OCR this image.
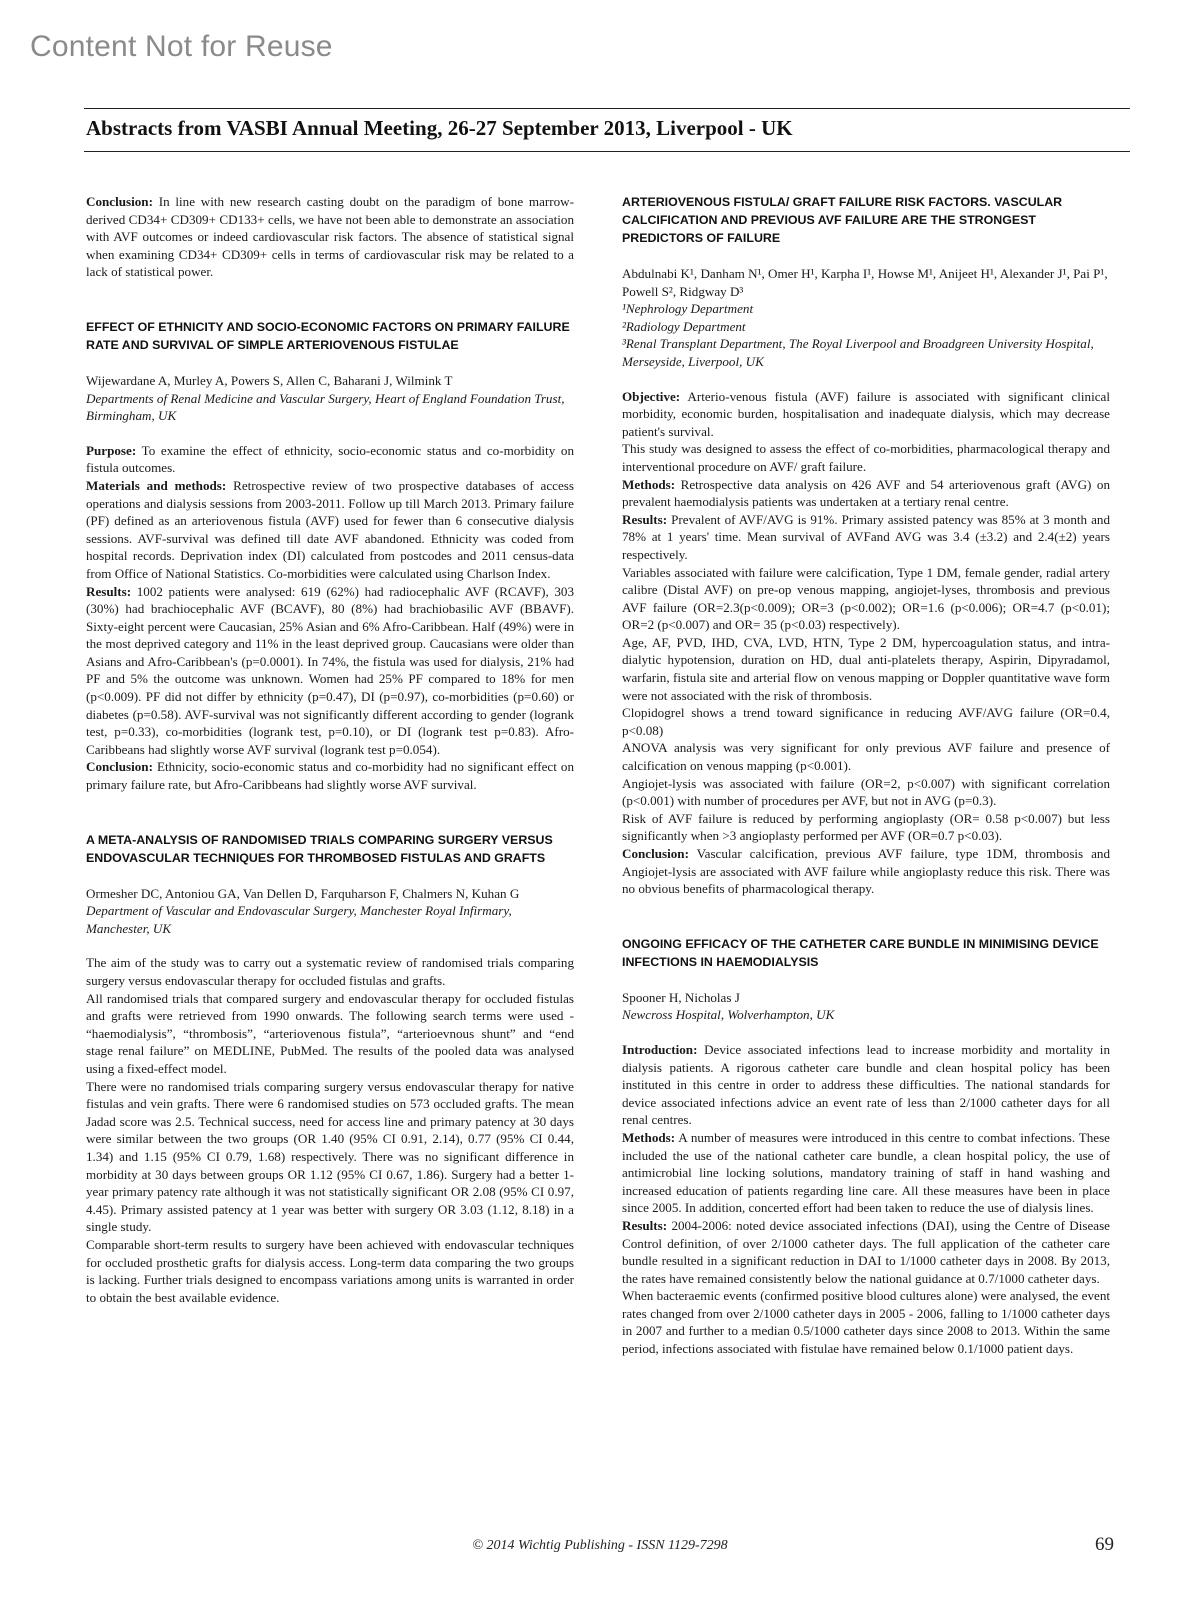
Content Not for Reuse
Abstracts from VASBI Annual Meeting, 26-27 September 2013, Liverpool - UK

Conclusion: In line with new research casting doubt on the paradigm of bone marrow-derived CD34+ CD309+ CD133+ cells, we have not been able to demonstrate an association with AVF outcomes or indeed cardiovascular risk factors. The absence of statistical signal when examining CD34+ CD309+ cells in terms of cardiovascular risk may be related to a lack of statistical power.

EFFECT OF ETHNICITY AND SOCIO-ECONOMIC FACTORS ON PRIMARY FAILURE RATE AND SURVIVAL OF SIMPLE ARTERIOVENOUS FISTULAE

Wijewardane A, Murley A, Powers S, Allen C, Baharani J, Wilmink T

Departments of Renal Medicine and Vascular Surgery, Heart of England Foundation Trust, Birmingham, UK

Purpose: To examine the effect of ethnicity, socio-economic status and co-morbidity on fistula outcomes.

Materials and methods: Retrospective review of two prospective databases of access operations and dialysis sessions from 2003-2011. Follow up till March 2013. Primary failure (PF) defined as an arteriovenous fistula (AVF) used for fewer than 6 consecutive dialysis sessions. AVF-survival was defined till date AVF abandoned. Ethnicity was coded from hospital records. Deprivation index (DI) calculated from postcodes and 2011 census-data from Office of National Statistics. Co-morbidities were calculated using Charlson Index.

Results: 1002 patients were analysed: 619 (62%) had radiocephalic AVF (RCAVF), 303 (30%) had brachiocephalic AVF (BCAVF), 80 (8%) had brachiobasilic AVF (BBAVF). Sixty-eight percent were Caucasian, 25% Asian and 6% Afro-Caribbean. Half (49%) were in the most deprived category and 11% in the least deprived group. Caucasians were older than Asians and Afro-Caribbean's (p=0.0001). In 74%, the fistula was used for dialysis, 21% had PF and 5% the outcome was unknown. Women had 25% PF compared to 18% for men (p<0.009). PF did not differ by ethnicity (p=0.47), DI (p=0.97), co-morbidities (p=0.60) or diabetes (p=0.58). AVF-survival was not significantly different according to gender (logrank test, p=0.33), co-morbidities (logrank test, p=0.10), or DI (logrank test p=0.83). Afro-Caribbeans had slightly worse AVF survival (logrank test p=0.054).

Conclusion: Ethnicity, socio-economic status and co-morbidity had no significant effect on primary failure rate, but Afro-Caribbeans had slightly worse AVF survival.

A META-ANALYSIS OF RANDOMISED TRIALS COMPARING SURGERY VERSUS ENDOVASCULAR TECHNIQUES FOR THROMBOSED FISTULAS AND GRAFTS

Ormesher DC, Antoniou GA, Van Dellen D, Farquharson F, Chalmers N, Kuhan G

Department of Vascular and Endovascular Surgery, Manchester Royal Infirmary, Manchester, UK

The aim of the study was to carry out a systematic review of randomised trials comparing surgery versus endovascular therapy for occluded fistulas and grafts.

All randomised trials that compared surgery and endovascular therapy for occluded fistulas and grafts were retrieved from 1990 onwards. The following search terms were used - “haemodialysis”, “thrombosis”, “arteriovenous fistula”, “arterioevnous shunt” and “end stage renal failure” on MEDLINE, PubMed. The results of the pooled data was analysed using a fixed-effect model.

There were no randomised trials comparing surgery versus endovascular therapy for native fistulas and vein grafts. There were 6 randomised studies on 573 occluded grafts. The mean Jadad score was 2.5. Technical success, need for access line and primary patency at 30 days were similar between the two groups (OR 1.40 (95% CI 0.91, 2.14), 0.77 (95% CI 0.44, 1.34) and 1.15 (95% CI 0.79, 1.68) respectively. There was no significant difference in morbidity at 30 days between groups OR 1.12 (95% CI 0.67, 1.86). Surgery had a better 1-year primary patency rate although it was not statistically significant OR 2.08 (95% CI 0.97, 4.45). Primary assisted patency at 1 year was better with surgery OR 3.03 (1.12, 8.18) in a single study.

Comparable short-term results to surgery have been achieved with endovascular techniques for occluded prosthetic grafts for dialysis access. Long-term data comparing the two groups is lacking. Further trials designed to encompass variations among units is warranted in order to obtain the best available evidence.

ARTERIOVENOUS FISTULA/ GRAFT FAILURE RISK FACTORS. VASCULAR CALCIFICATION AND PREVIOUS AVF FAILURE ARE THE STRONGEST PREDICTORS OF FAILURE

Abdulnabi K¹, Danham N¹, Omer H¹, Karpha I¹, Howse M¹, Anijeet H¹, Alexander J¹, Pai P¹, Powell S², Ridgway D³

¹Nephrology Department

²Radiology Department

³Renal Transplant Department, The Royal Liverpool and Broadgreen University Hospital, Merseyside, Liverpool, UK

Objective: Arterio-venous fistula (AVF) failure is associated with significant clinical morbidity, economic burden, hospitalisation and inadequate dialysis, which may decrease patient's survival.

This study was designed to assess the effect of co-morbidities, pharmacological therapy and interventional procedure on AVF/ graft failure.

Methods: Retrospective data analysis on 426 AVF and 54 arteriovenous graft (AVG) on prevalent haemodialysis patients was undertaken at a tertiary renal centre.

Results: Prevalent of AVF/AVG is 91%. Primary assisted patency was 85% at 3 month and 78% at 1 years' time. Mean survival of AVFand AVG was 3.4 (±3.2) and 2.4(±2) years respectively.

Variables associated with failure were calcification, Type 1 DM, female gender, radial artery calibre (Distal AVF) on pre-op venous mapping, angiojet-lyses, thrombosis and previous AVF failure (OR=2.3(p<0.009); OR=3 (p<0.002); OR=1.6 (p<0.006); OR=4.7 (p<0.01); OR=2 (p<0.007) and OR= 35 (p<0.03) respectively).

Age, AF, PVD, IHD, CVA, LVD, HTN, Type 2 DM, hypercoagulation status, and intra-dialytic hypotension, duration on HD, dual anti-platelets therapy, Aspirin, Dipyradamol, warfarin, fistula site and arterial flow on venous mapping or Doppler quantitative wave form were not associated with the risk of thrombosis.

Clopidogrel shows a trend toward significance in reducing AVF/AVG failure (OR=0.4, p<0.08)

ANOVA analysis was very significant for only previous AVF failure and presence of calcification on venous mapping (p<0.001).

Angiojet-lysis was associated with failure (OR=2, p<0.007) with significant correlation (p<0.001) with number of procedures per AVF, but not in AVG (p=0.3).

Risk of AVF failure is reduced by performing angioplasty (OR= 0.58 p<0.007) but less significantly when >3 angioplasty performed per AVF (OR=0.7 p<0.03).

Conclusion: Vascular calcification, previous AVF failure, type 1DM, thrombosis and Angiojet-lysis are associated with AVF failure while angioplasty reduce this risk. There was no obvious benefits of pharmacological therapy.

ONGOING EFFICACY OF THE CATHETER CARE BUNDLE IN MINIMISING DEVICE INFECTIONS IN HAEMODIALYSIS

Spooner H, Nicholas J

Newcross Hospital, Wolverhampton, UK

Introduction: Device associated infections lead to increase morbidity and mortality in dialysis patients. A rigorous catheter care bundle and clean hospital policy has been instituted in this centre in order to address these difficulties. The national standards for device associated infections advice an event rate of less than 2/1000 catheter days for all renal centres.

Methods: A number of measures were introduced in this centre to combat infections. These included the use of the national catheter care bundle, a clean hospital policy, the use of antimicrobial line locking solutions, mandatory training of staff in hand washing and increased education of patients regarding line care. All these measures have been in place since 2005. In addition, concerted effort had been taken to reduce the use of dialysis lines.

Results: 2004-2006: noted device associated infections (DAI), using the Centre of Disease Control definition, of over 2/1000 catheter days. The full application of the catheter care bundle resulted in a significant reduction in DAI to 1/1000 catheter days in 2008. By 2013, the rates have remained consistently below the national guidance at 0.7/1000 catheter days.

When bacteraemic events (confirmed positive blood cultures alone) were analysed, the event rates changed from over 2/1000 catheter days in 2005 - 2006, falling to 1/1000 catheter days in 2007 and further to a median 0.5/1000 catheter days since 2008 to 2013. Within the same period, infections associated with fistulae have remained below 0.1/1000 patient days.

© 2014 Wichtig Publishing - ISSN 1129-7298	69
